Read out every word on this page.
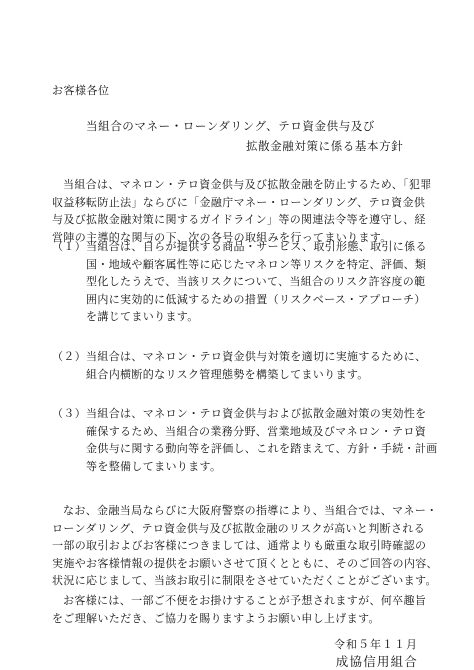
お客様各位
当組合のマネー・ローンダリング、テロ資金供与及び
拡散金融対策に係る基本方針
当組合は、マネロン・テロ資金供与及び拡散金融を防止するため、「犯罪
収益移転防止法」ならびに「金融庁マネー・ローンダリング、テロ資金供
与及び拡散金融対策に関するガイドライン」等の関連法令等を遵守し、経
営陣の主導的な関与の下、次の各号の取組みを行ってまいります。
（１） 当組合は、自らが提供する商品・サービス、取引形態、取引に係る
国・地域や顧客属性等に応じたマネロン等リスクを特定、評価、類
型化したうえで、当該リスクについて、当組合のリスク許容度の範
囲内に実効的に低減するための措置（リスクベース・アプローチ）
を講じてまいります。
（２） 当組合は、マネロン・テロ資金供与対策を適切に実施するために、
組合内横断的なリスク管理態勢を構築してまいります。
（３） 当組合は、マネロン・テロ資金供与および拡散金融対策の実効性を
確保するため、当組合の業務分野、営業地域及びマネロン・テロ資
金供与に関する動向等を評価し、これを踏まえて、方針・手続・計画
等を整備してまいります。
なお、金融当局ならびに大阪府警察の指導により、当組合では、マネー・
ローンダリング、テロ資金供与及び拡散金融のリスクが高いと判断される
一部の取引およびお客様につきましては、通常よりも厳重な取引時確認の
実施やお客様情報の提供をお願いさせて頂くとともに、そのご回答の内容、
状況に応じまして、当該お取引に制限をさせていただくことがございます。
お客様には、一部ご不便をお掛けすることが予想されますが、何卒趣旨
をご理解いただき、ご協力を賜りますようお願い申し上げます。
令和５年１１月
成協信用組合
